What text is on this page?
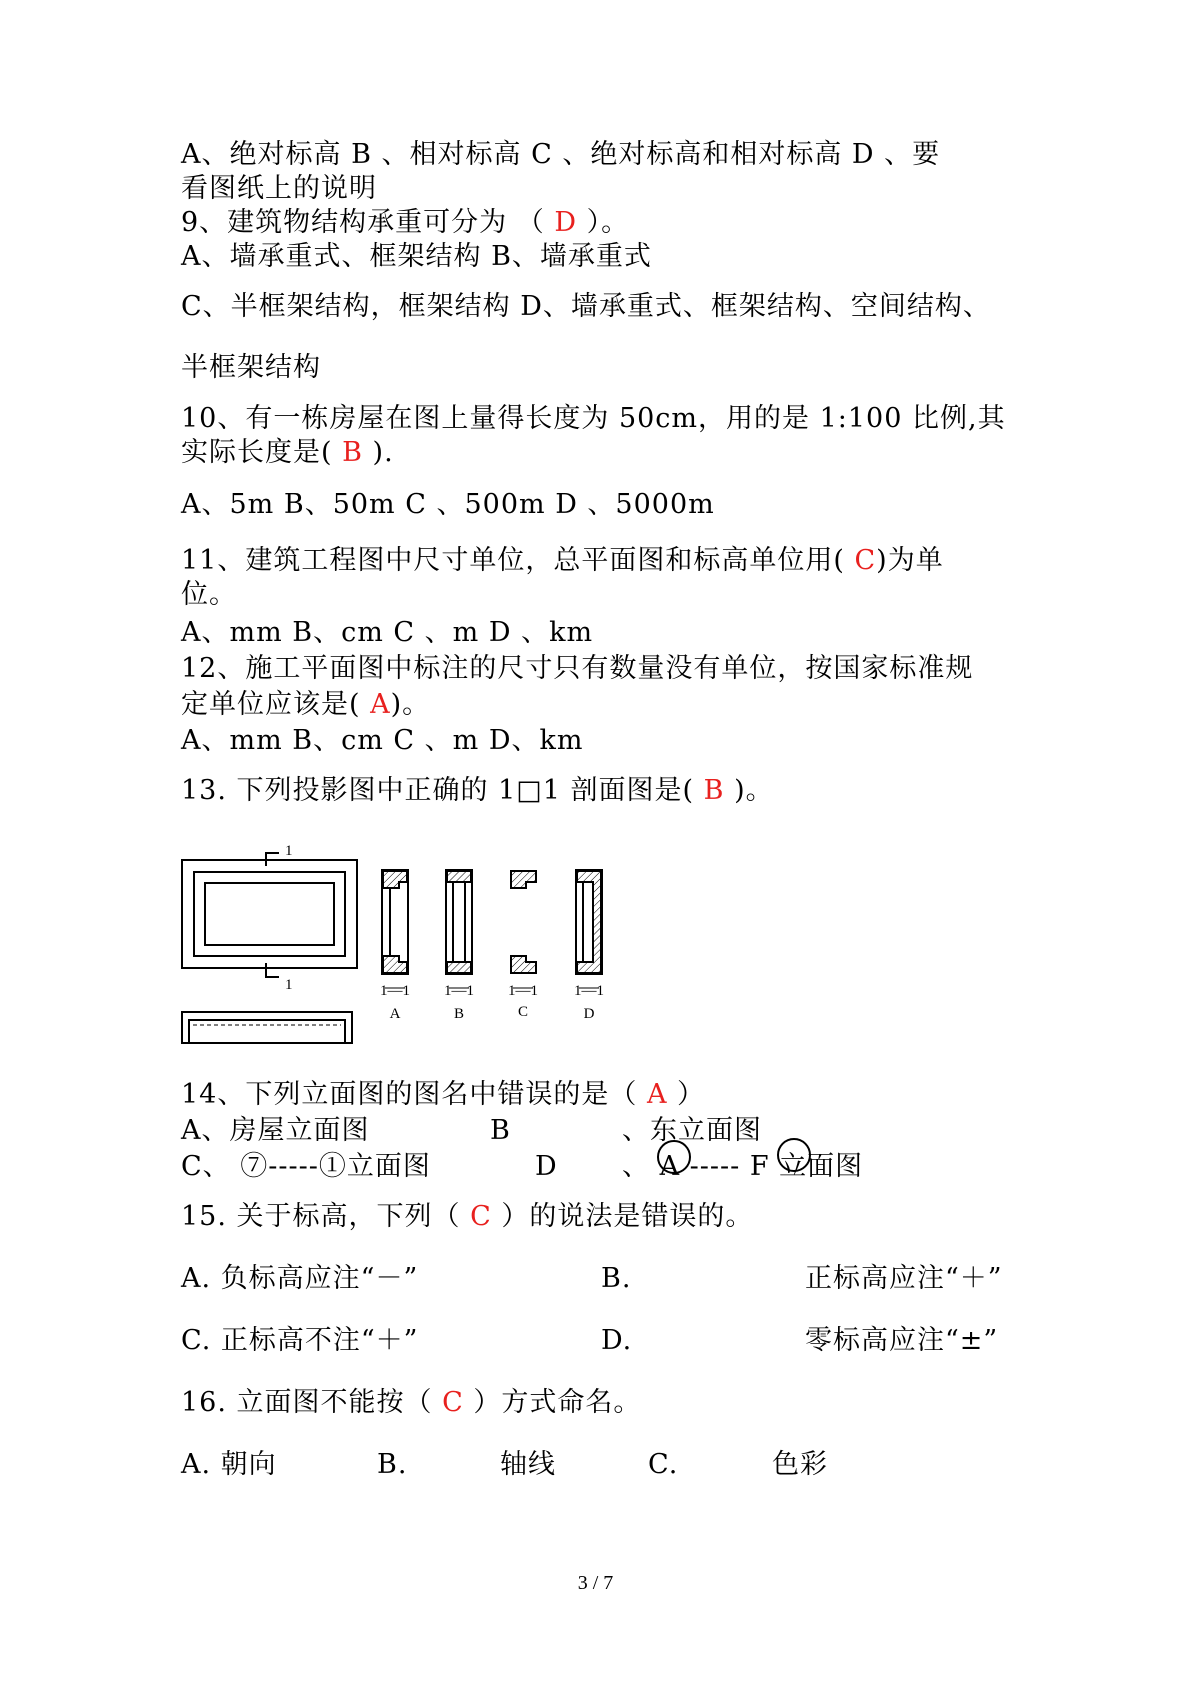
A、绝对标高 B 、相对标高 C 、绝对标高和相对标高 D 、要
看图纸上的说明
9、建筑物结构承重可分为 （ D ）。
A、墙承重式、框架结构 B、墙承重式
C、半框架结构，框架结构 D、墙承重式、框架结构、空间结构、
半框架结构
10、有一栋房屋在图上量得长度为 50cm，用的是 1:100 比例,其
实际长度是( B ).
A、5m B、50m C 、500m D 、5000m
11、建筑工程图中尺寸单位，总平面图和标高单位用( C)为单
位。
A、mm B、cm C 、m D 、km
12、施工平面图中标注的尺寸只有数量没有单位，按国家标准规
定单位应该是( A)。
A、mm B、cm C 、m D、km
13. 下列投影图中正确的 1□1 剖面图是( B )。
1
1	1—1 1—1 1—1 1—1
A	B	C	D
14、下列立面图的图名中错误的是（ A ）
A、房屋立面图	B	、东立面图
C、 ⑦-----①立面图	D 、 A ----- F 立面图
15. 关于标高，下列（ C ）的说法是错误的。
A. 负标高应注“－”	B.	正标高应注“＋”
C. 正标高不注“＋”	D.	零标高应注“±”
16. 立面图不能按（ C ）方式命名。
A. 朝向	B.	轴线	C.	色彩
3 / 7
